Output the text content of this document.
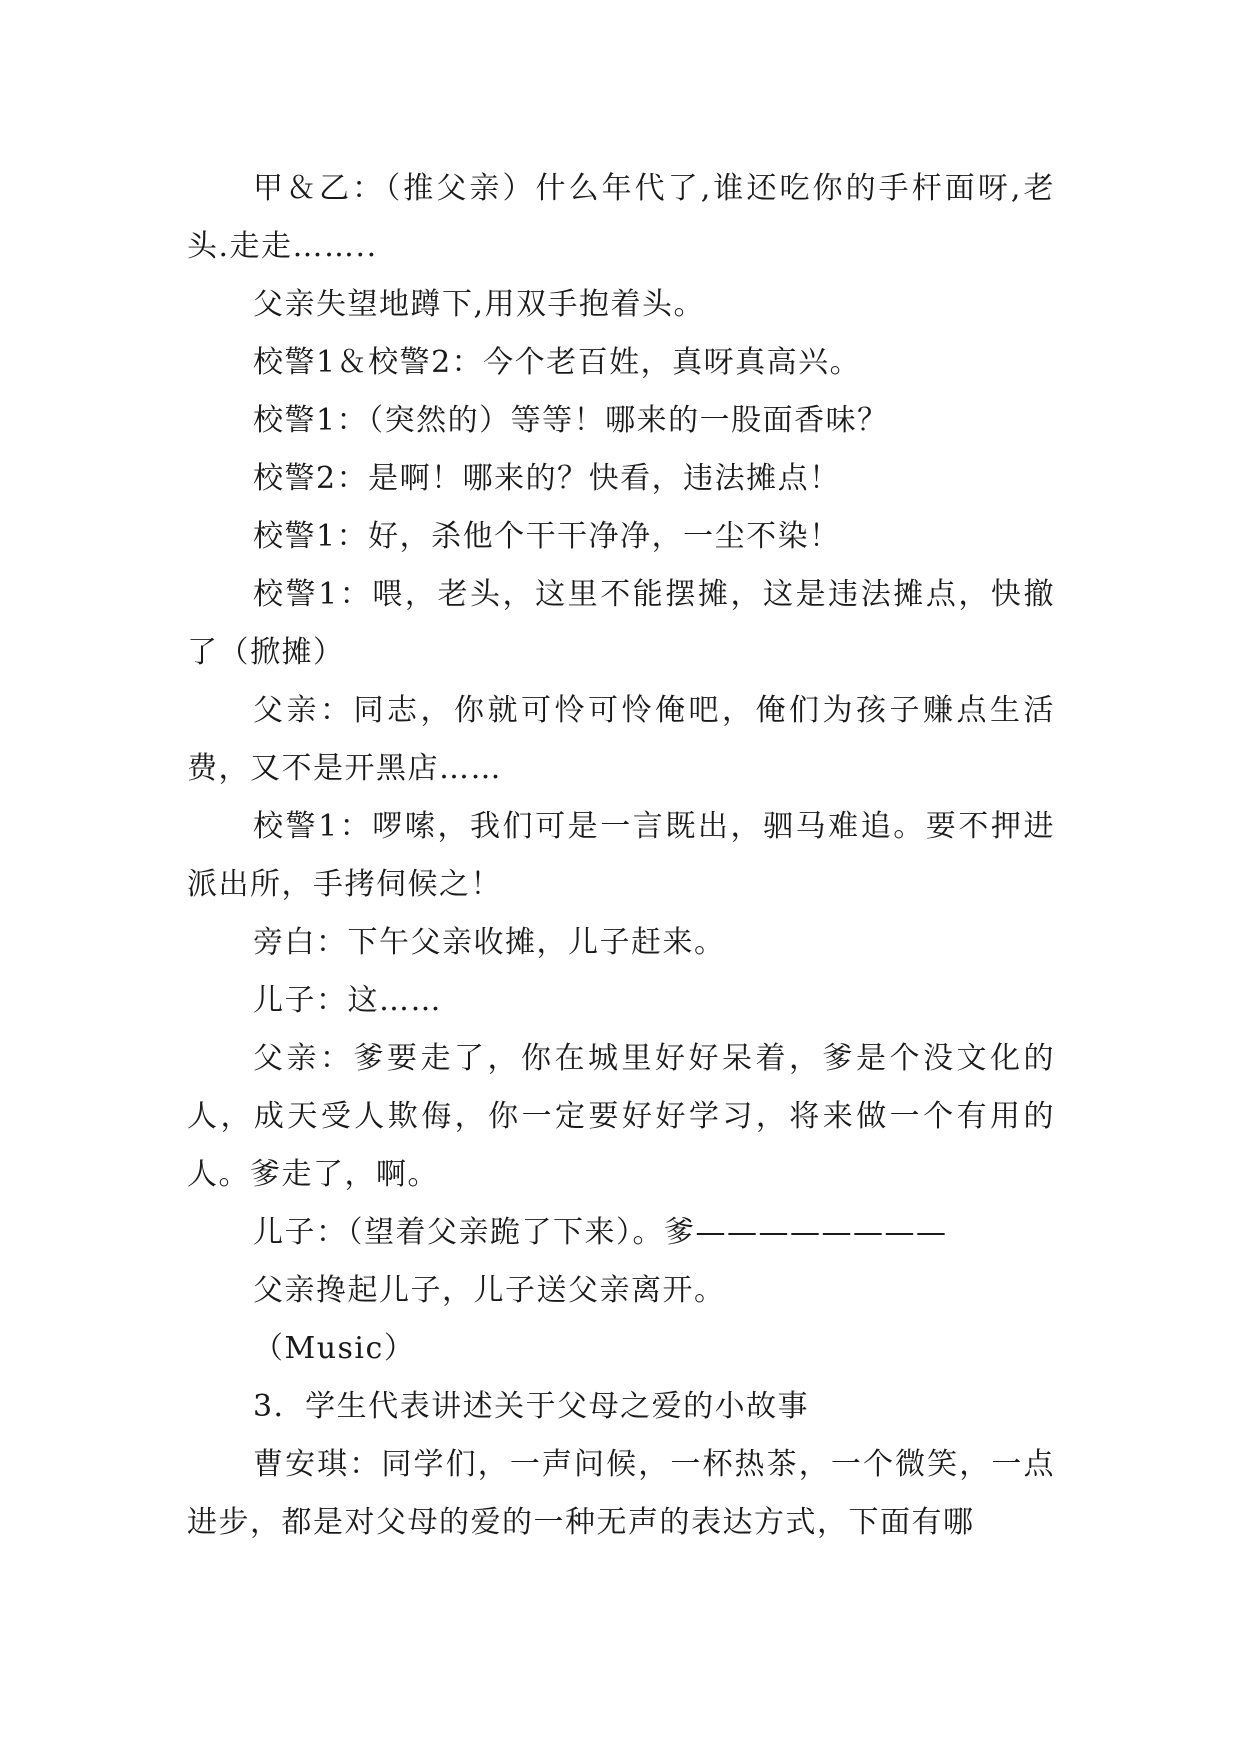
甲＆乙：（推父亲）什么年代了,谁还吃你的手杆面呀,老头.走走……..

父亲失望地蹲下,用双手抱着头。

校警1＆校警2：今个老百姓，真呀真高兴。

校警1：（突然的）等等！哪来的一股面香味？

校警2：是啊！哪来的？快看，违法摊点！

校警1：好，杀他个干干净净，一尘不染！

校警1：喂，老头，这里不能摆摊，这是违法摊点，快撤了（掀摊）

父亲：同志，你就可怜可怜俺吧，俺们为孩子赚点生活费，又不是开黑店……

校警1：啰嗦，我们可是一言既出，驷马难追。要不押进派出所，手拷伺候之！

旁白：下午父亲收摊，儿子赶来。

儿子：这……

父亲：爹要走了，你在城里好好呆着，爹是个没文化的人，成天受人欺侮，你一定要好好学习，将来做一个有用的人。爹走了，啊。

儿子：（望着父亲跪了下来）。爹————————

父亲搀起儿子，儿子送父亲离开。

（Music）

3．学生代表讲述关于父母之爱的小故事

曹安琪：同学们，一声问候，一杯热茶，一个微笑，一点进步，都是对父母的爱的一种无声的表达方式，下面有哪
